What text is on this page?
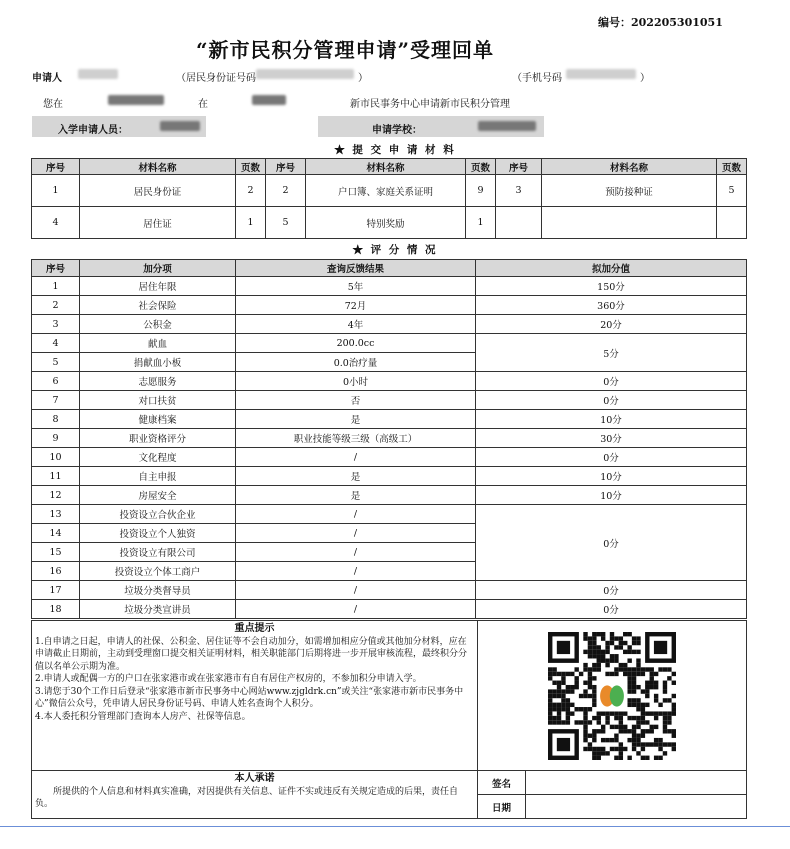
编号：202205301051
“新市民积分管理申请”受理回单
申请人	（居民身份证号码	）	（手机号码	）
您在	在	新市民事务中心申请新市民积分管理
入学申请人员：	申请学校：
★ 提 交 申 请 材 料
序号	材料名称	页数	序号	材料名称	页数	序号	材料名称	页数
1	居民身份证	2	2	户口簿、家庭关系证明	9	3	预防接种证	5
4	居住证	1	5	特别奖励	1			
★ 评 分 情 况
序号	加分项	查询反馈结果	拟加分值
1	居住年限	5年	150分
2	社会保险	72月	360分
3	公积金	4年	20分
4	献血	200.0cc	5分
5	捐献血小板	0.0治疗量	
6	志愿服务	0小时	0分
7	对口扶贫	否	0分
8	健康档案	是	10分
9	职业资格评分	职业技能等级三级（高级工）	30分
10	文化程度	/	0分
11	自主申报	是	10分
12	房屋安全	是	10分
13	投资设立合伙企业	/	0分
14	投资设立个人独资	/	
15	投资设立有限公司	/	
16	投资设立个体工商户	/	
17	垃圾分类督导员	/	0分
18	垃圾分类宣讲员	/	0分
重点提示
1.自申请之日起，申请人的社保、公积金、居住证等不会自动加分，如需增加相应分值或其他加分材料，应在申请截止日期前，主动到受理窗口提交相关证明材料，相关职能部门后期将进一步开展审核流程，最终积分分值以名单公示期为准。
2.申请人或配偶一方的户口在张家港市或在张家港市有自有居住产权房的，不参加积分申请入学。
3.请您于30个工作日后登录“张家港市新市民事务中心网站www.zjgldrk.cn”或关注“张家港市新市民事务中心”微信公众号，凭申请人居民身份证号码、申请人姓名查询个人积分。
4.本人委托积分管理部门查询本人房产、社保等信息。		

本人承诺
所提供的个人信息和材料真实准确，对因提供有关信息、证件不实或违反有关规定造成的后果，责任自负。	签名	
	日期	
